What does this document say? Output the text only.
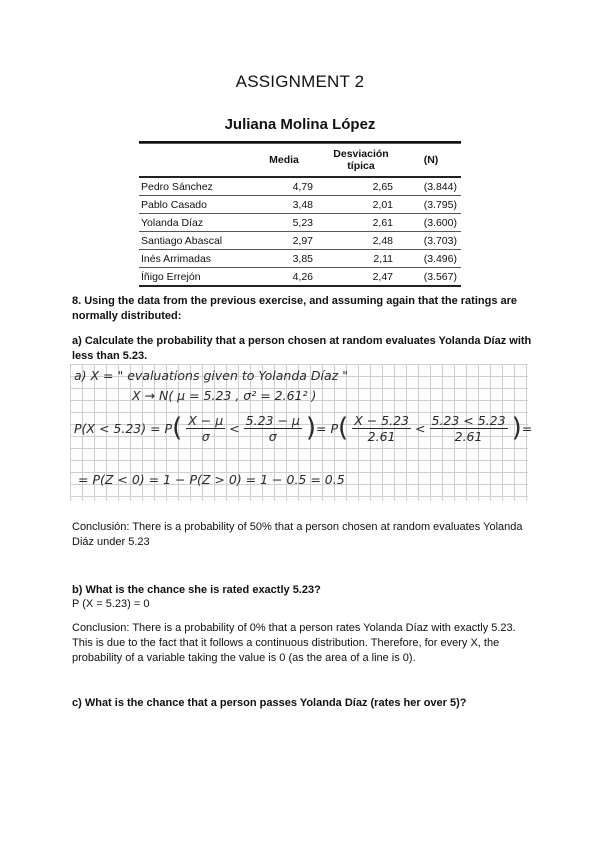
ASSIGNMENT 2
Juliana Molina López

	Media	Desviación típica	(N)
Pedro Sánchez	4,79	2,65	(3.844)
Pablo Casado	3,48	2,01	(3.795)
Yolanda Díaz	5,23	2,61	(3.600)
Santiago Abascal	2,97	2,48	(3.703)
Inés Arrimadas	3,85	2,11	(3.496)
Íñigo Errejón	4,26	2,47	(3.567)
8. Using the data from the previous exercise, and assuming again that the ratings are normally distributed:
a) Calculate the probability that a person chosen at random evaluates Yolanda Díaz with less than 5.23.
a) X = " evaluations given to Yolanda Díaz "
X → N( μ = 5.23 , σ² = 2.61² )
P(X < 5.23) = P ( $\frac{X - \mu}{\sigma} < \frac{5.23 - \mu}{\sigma}$ ) = P ( $\frac{X - 5.23}{2.61} < \frac{5.23 < 5.23}{2.61}$ ) =
= P(Z < 0) = 1 − P(Z > 0) = 1 − 0.5 = 0.5
Conclusión: There is a probability of 50% that a person chosen at random evaluates Yolanda Diáz under 5.23
b) What is the chance she is rated exactly 5.23?
P (X = 5.23) = 0
Conclusion: There is a probability of 0% that a person rates Yolanda Díaz with exactly 5.23. This is due to the fact that it follows a continuous distribution. Therefore, for every X, the probability of a variable taking the value is 0 (as the area of a line is 0).
c) What is the chance that a person passes Yolanda Díaz (rates her over 5)?
